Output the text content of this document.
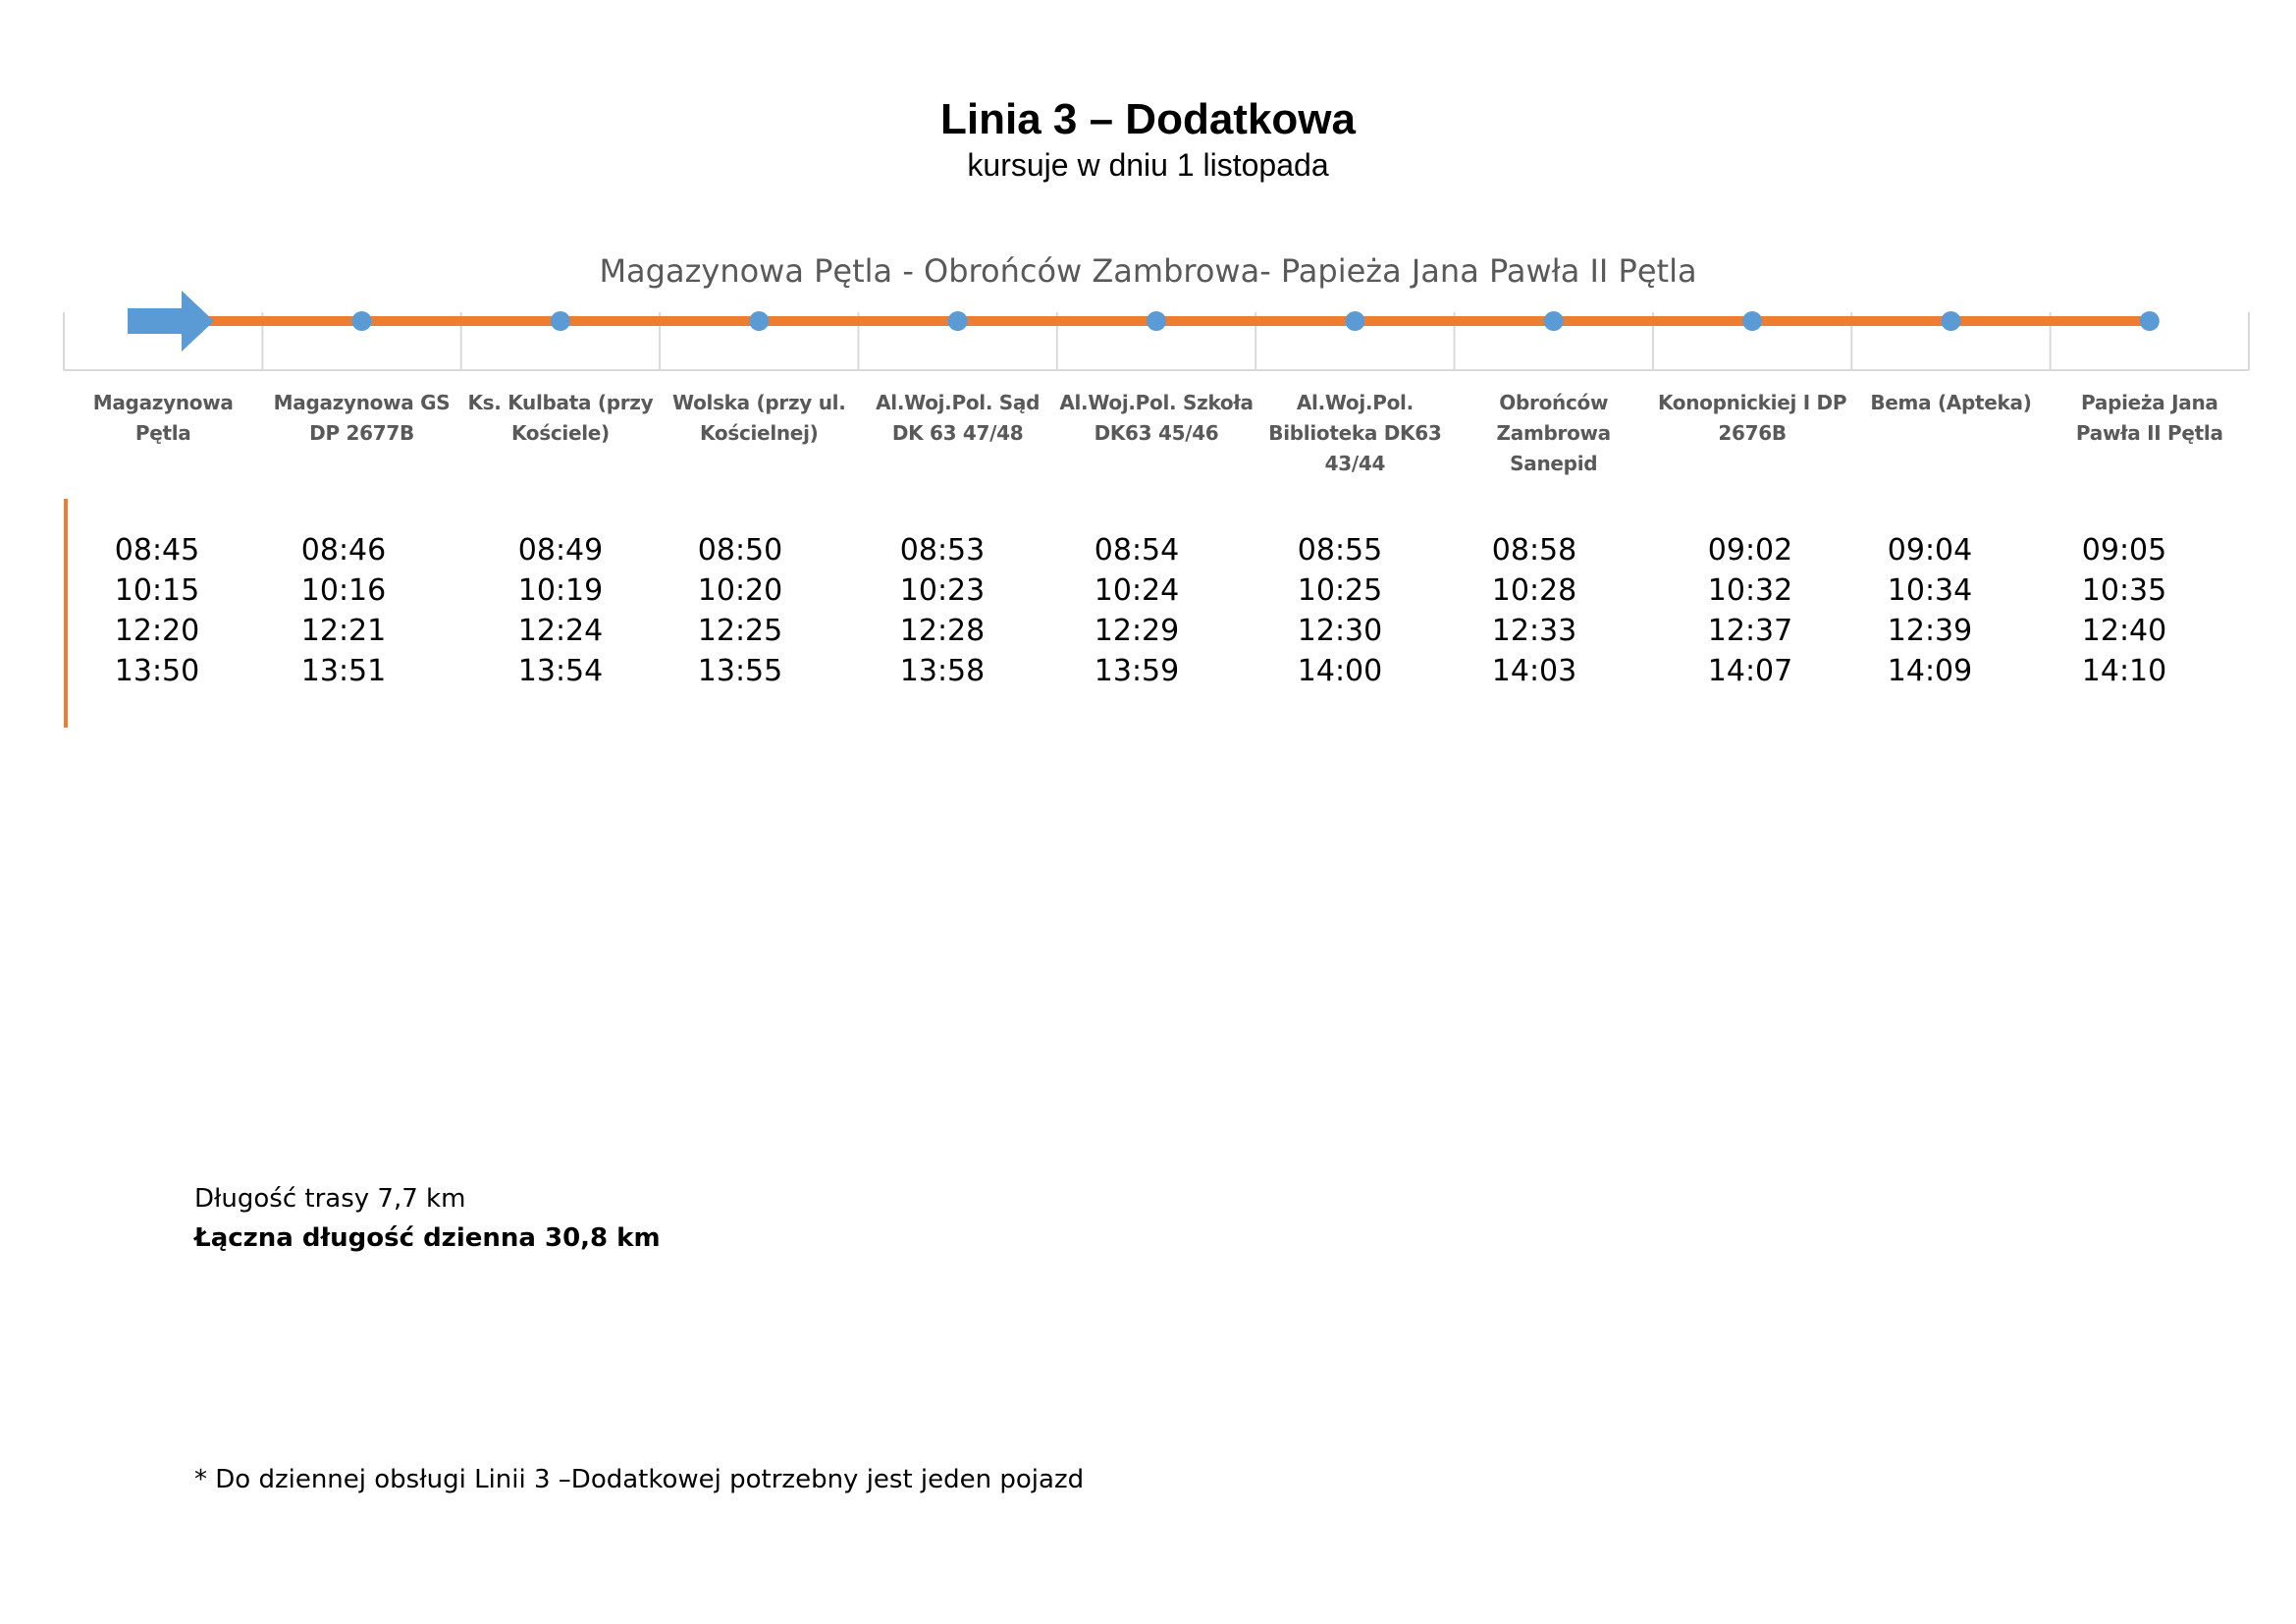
Linia 3 – Dodatkowa
kursuje w dniu 1 listopada
Magazynowa Pętla - Obrońców Zambrowa- Papieża Jana Pawła II Pętla
Magazynowa Pętla
Magazynowa GS DP 2677B
Ks. Kulbata (przy Kościele)
Wolska (przy ul. Kościelnej)
Al.Woj.Pol. Sąd DK 63 47/48
Al.Woj.Pol. Szkoła DK63 45/46
Al.Woj.Pol. Biblioteka DK63 43/44
Obrońców Zambrowa Sanepid
Konopnickiej I DP 2676B
Bema (Apteka)	Papieża Jana Pawła II Pętla
08:45
10:15
12:20
13:50
08:46
10:16
12:21
13:51
08:49
10:19
12:24
13:54
08:50
10:20
12:25
13:55
08:53
10:23
12:28
13:58
08:54
10:24
12:29
13:59
08:55
10:25
12:30
14:00
08:58
10:28
12:33
14:03
09:02
10:32
12:37
14:07
09:04
10:34
12:39
14:09
09:05
10:35
12:40
14:10
Długość trasy 7,7 km
Łączna długość dzienna 30,8 km
* Do dziennej obsługi Linii 3 –Dodatkowej potrzebny jest jeden pojazd
